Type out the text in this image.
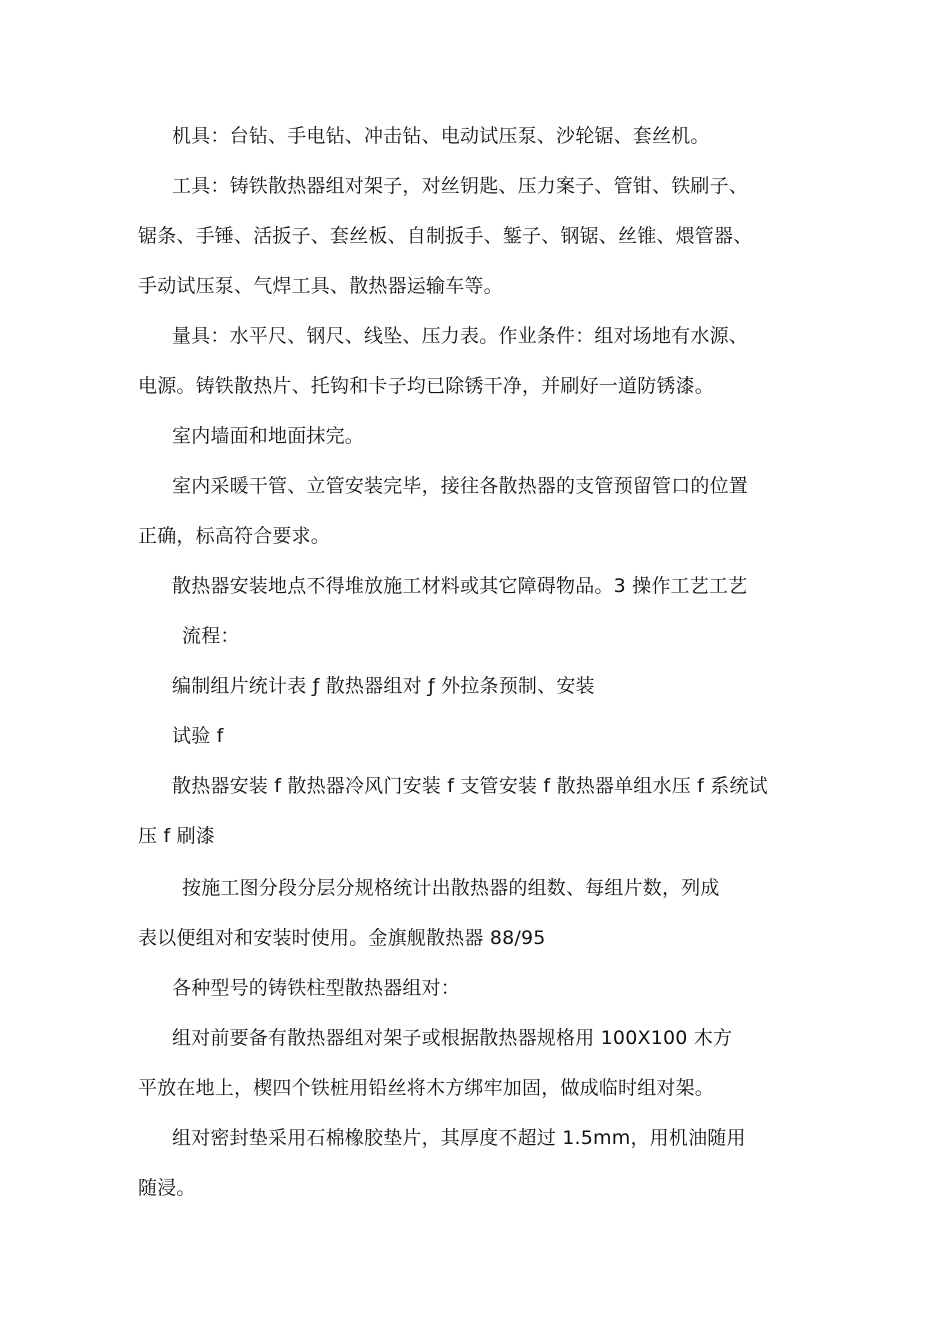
机具：台钻、手电钻、冲击钻、电动试压泵、沙轮锯、套丝机。
工具：铸铁散热器组对架子，对丝钥匙、压力案子、管钳、铁刷子、
锯条、手锤、活扳子、套丝板、自制扳手、錾子、钢锯、丝锥、煨管器、
手动试压泵、气焊工具、散热器运输车等。
量具：水平尺、钢尺、线坠、压力表。作业条件：组对场地有水源、
电源。铸铁散热片、托钩和卡子均已除锈干净，并刷好一道防锈漆。
室内墙面和地面抹完。
室内采暖干管、立管安装完毕，接往各散热器的支管预留管口的位置
正确，标高符合要求。
散热器安装地点不得堆放施工材料或其它障碍物品。3 操作工艺工艺
流程：
编制组片统计表 ƒ 散热器组对 ƒ 外拉条预制、安装
试验 f
散热器安装 f 散热器冷风门安装 f 支管安装 f 散热器单组水压 f 系统试
压 f 刷漆
按施工图分段分层分规格统计出散热器的组数、每组片数，列成
表以便组对和安装时使用。金旗舰散热器 88/95
各种型号的铸铁柱型散热器组对：
组对前要备有散热器组对架子或根据散热器规格用 100X100 木方
平放在地上，楔四个铁桩用铅丝将木方绑牢加固，做成临时组对架。
组对密封垫采用石棉橡胶垫片，其厚度不超过 1.5mm，用机油随用
随浸。
